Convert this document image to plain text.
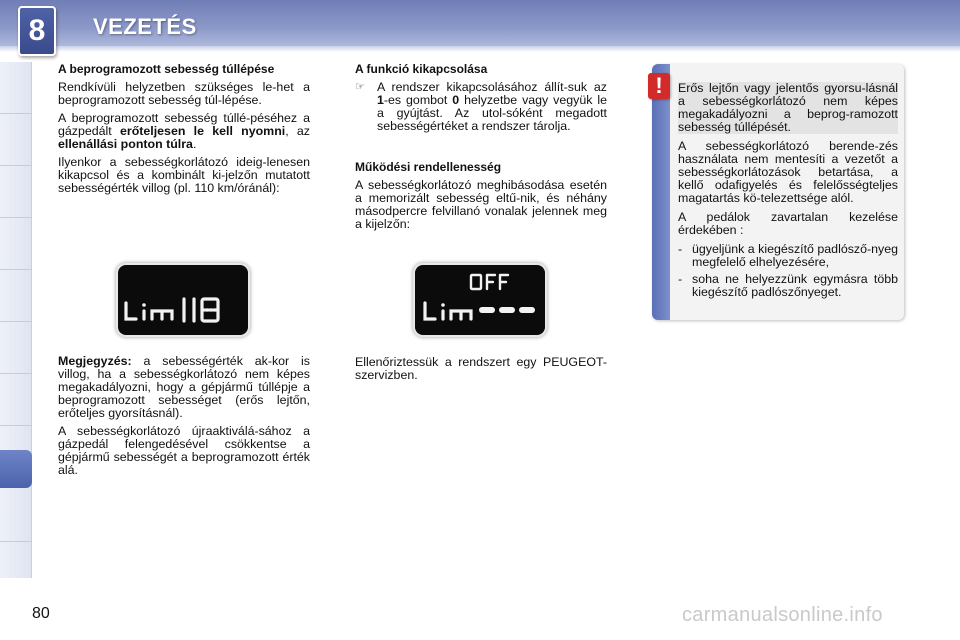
8	VEZETÉS
A beprogramozott sebesség túllépése

Rendkívüli helyzetben szükséges le-het a beprogramozott sebesség túl-lépése.

A beprogramozott sebesség túllé-péséhez a gázpedált erőteljesen le kell nyomni, az ellenállási ponton túlra.

Ilyenkor a sebességkorlátozó ideig-lenesen kikapcsol és a kombinált ki-jelzőn mutatott sebességérték villog (pl. 110 km/óránál):

Megjegyzés: a sebességérték ak-kor is villog, ha a sebességkorlátozó nem képes megakadályozni, hogy a gépjármű túllépje a beprogramozott sebességet (erős lejtőn, erőteljes gyorsításnál).

A sebességkorlátozó újraaktiválá-sához a gázpedál felengedésével csökkentse a gépjármű sebességét a beprogramozott érték alá.

A funkció kikapcsolása
☞ A rendszer kikapcsolásához állít-suk az 1-es gombot 0 helyzetbe vagy vegyük le a gyújtást. Az utol-sóként megadott sebességértéket a rendszer tárolja.
Működési rendellenesség

A sebességkorlátozó meghibásodása esetén a memorizált sebesség eltű-nik, és néhány másodpercre felvillanó vonalak jelennek meg a kijelzőn:

Ellenőriztessük a rendszert egy PEUGEOT-szervizben.

!	Erős lejtőn vagy jelentős gyorsu-lásnál a sebességkorlátozó nem képes megakadályozni a beprog-ramozott sebesség túllépését.

A sebességkorlátozó berende-zés használata nem mentesíti a vezetőt a sebességkorlátozások betartása, a kellő odafigyelés és felelősségteljes magatartás kö-telezettsége alól.

A pedálok zavartalan kezelése érdekében :

- ügyeljünk a kiegészítő padlósző-nyeg megfelelő elhelyezésére,
- soha ne helyezzünk egymásra több kiegészítő padlószőnyeget.
80	carmanualsonline.info
